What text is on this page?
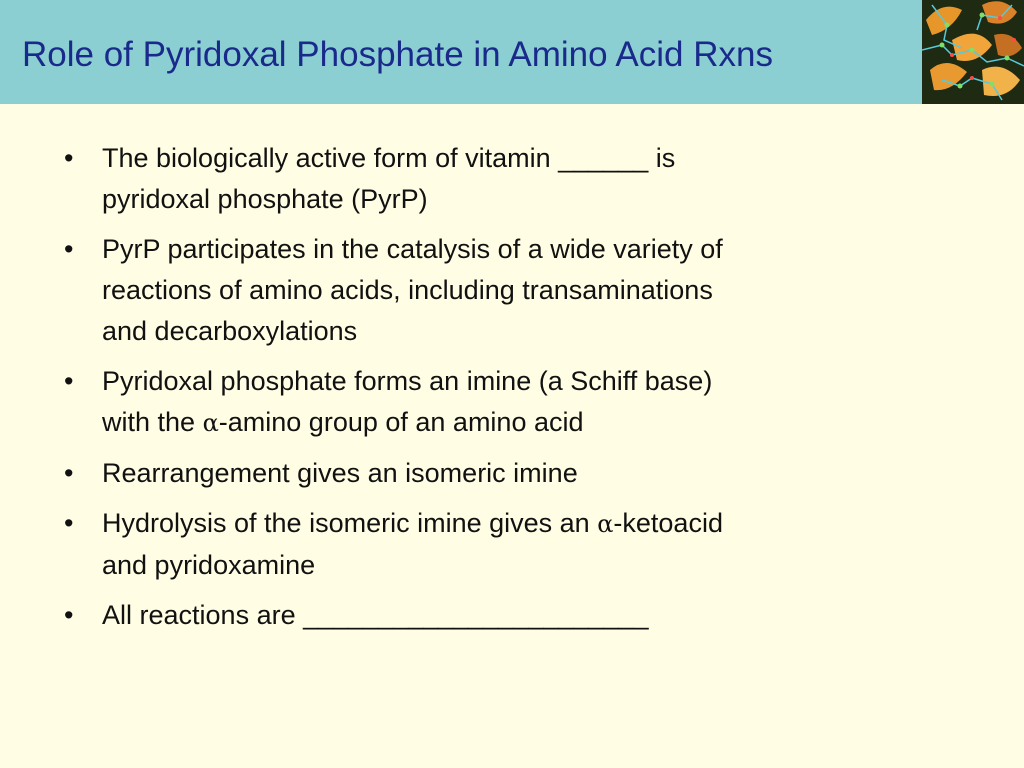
Role of Pyridoxal Phosphate in Amino Acid Rxns
•	The biologically active form of vitamin ______ is
pyridoxal phosphate (PyrP)
•	PyrP participates in the catalysis of a wide variety of
reactions of amino acids, including transaminations
and decarboxylations
•	Pyridoxal phosphate forms an imine (a Schiff base)
with the α-amino group of an amino acid
•	Rearrangement gives an isomeric imine
•	Hydrolysis of the isomeric imine gives an α-ketoacid
and pyridoxamine
•	All reactions are _______________________
